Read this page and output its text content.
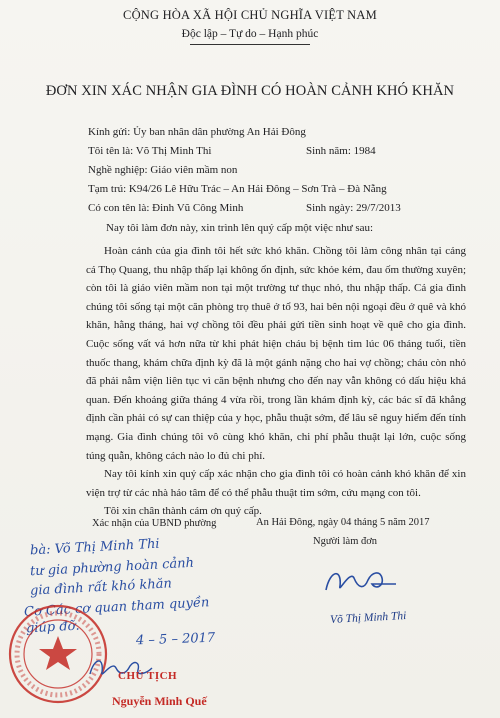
CỘNG HÒA XÃ HỘI CHỦ NGHĨA VIỆT NAM
Độc lập – Tự do – Hạnh phúc
ĐƠN XIN XÁC NHẬN GIA ĐÌNH CÓ HOÀN CẢNH KHÓ KHĂN
Kính gửi: Ủy ban nhân dân phường An Hải Đông
Tôi tên là: Võ Thị Minh Thi	Sinh năm: 1984
Nghề nghiệp: Giáo viên mầm non
Tạm trú: K94/26 Lê Hữu Trác – An Hải Đông – Sơn Trà – Đà Nẵng
Có con tên là: Đinh Vũ Công Minh	Sinh ngày: 29/7/2013
Nay tôi làm đơn này, xin trình lên quý cấp một việc như sau:

Hoàn cảnh của gia đình tôi hết sức khó khăn. Chồng tôi làm công nhân tại cảng cá Thọ Quang, thu nhập thấp lại không ổn định, sức khỏe kém, đau ốm thường xuyên; còn tôi là giáo viên mầm non tại một trường tư thục nhỏ, thu nhập thấp. Cả gia đình chúng tôi sống tại một căn phòng trọ thuê ở tổ 93, hai bên nội ngoại đều ở quê và khó khăn, hằng tháng, hai vợ chồng tôi đều phải gửi tiền sinh hoạt về quê cho gia đình. Cuộc sống vất vả hơn nữa từ khi phát hiện cháu bị bệnh tim lúc 06 tháng tuổi, tiền thuốc thang, khám chữa định kỳ đã là một gánh nặng cho hai vợ chồng; cháu còn nhỏ đã phải nằm viện liên tục vì căn bệnh nhưng cho đến nay vẫn không có dấu hiệu khả quan. Đến khoảng giữa tháng 4 vừa rồi, trong lần khám định kỳ, các bác sĩ đã khẳng định cần phải có sự can thiệp của y học, phẫu thuật sớm, để lâu sẽ nguy hiểm đến tính mạng. Gia đình chúng tôi vô cùng khó khăn, chi phí phẫu thuật lại lớn, cuộc sống túng quẫn, không cách nào lo đủ chi phí.

Nay tôi kính xin quý cấp xác nhận cho gia đình tôi có hoàn cảnh khó khăn để xin viện trợ từ các nhà hảo tâm để có thể phẫu thuật tim sớm, cứu mạng con tôi.

Tôi xin chân thành cám ơn quý cấp.

Xác nhận của UBND phường	An Hải Đông, ngày 04 tháng 5 năm 2017
Người làm đơn
Võ Thị Minh Thi
bà: Võ Thị Minh Thi
tư gia phường hoàn cảnh
gia đình rất khó khăn
Cơ Các cơ quan tham quyền
giúp đỡ.
4 – 5 – 2017
CHỦ TỊCH
Nguyễn Minh Quế
